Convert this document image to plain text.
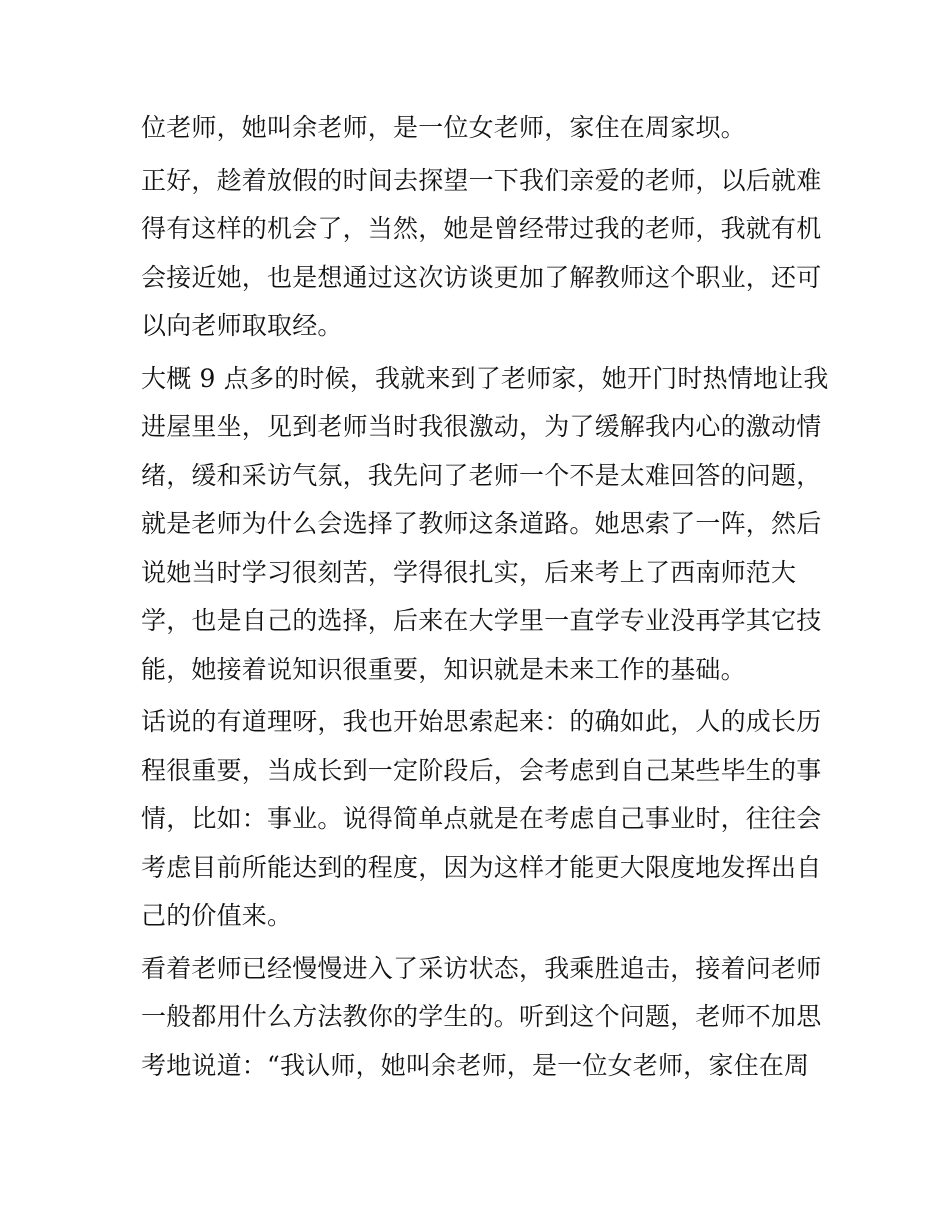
位老师，她叫余老师，是一位女老师，家住在周家坝。
正好，趁着放假的时间去探望一下我们亲爱的老师，以后就难
得有这样的机会了，当然，她是曾经带过我的老师，我就有机
会接近她，也是想通过这次访谈更加了解教师这个职业，还可
以向老师取取经。
大概 9 点多的时候，我就来到了老师家，她开门时热情地让我
进屋里坐，见到老师当时我很激动，为了缓解我内心的激动情
绪，缓和采访气氛，我先问了老师一个不是太难回答的问题，
就是老师为什么会选择了教师这条道路。她思索了一阵，然后
说她当时学习很刻苦，学得很扎实，后来考上了西南师范大
学，也是自己的选择，后来在大学里一直学专业没再学其它技
能，她接着说知识很重要，知识就是未来工作的基础。
话说的有道理呀，我也开始思索起来：的确如此，人的成长历
程很重要，当成长到一定阶段后，会考虑到自己某些毕生的事
情，比如：事业。说得简单点就是在考虑自己事业时，往往会
考虑目前所能达到的程度，因为这样才能更大限度地发挥出自
己的价值来。
看着老师已经慢慢进入了采访状态，我乘胜追击，接着问老师
一般都用什么方法教你的学生的。听到这个问题，老师不加思
考地说道：“我认师，她叫余老师，是一位女老师，家住在周
